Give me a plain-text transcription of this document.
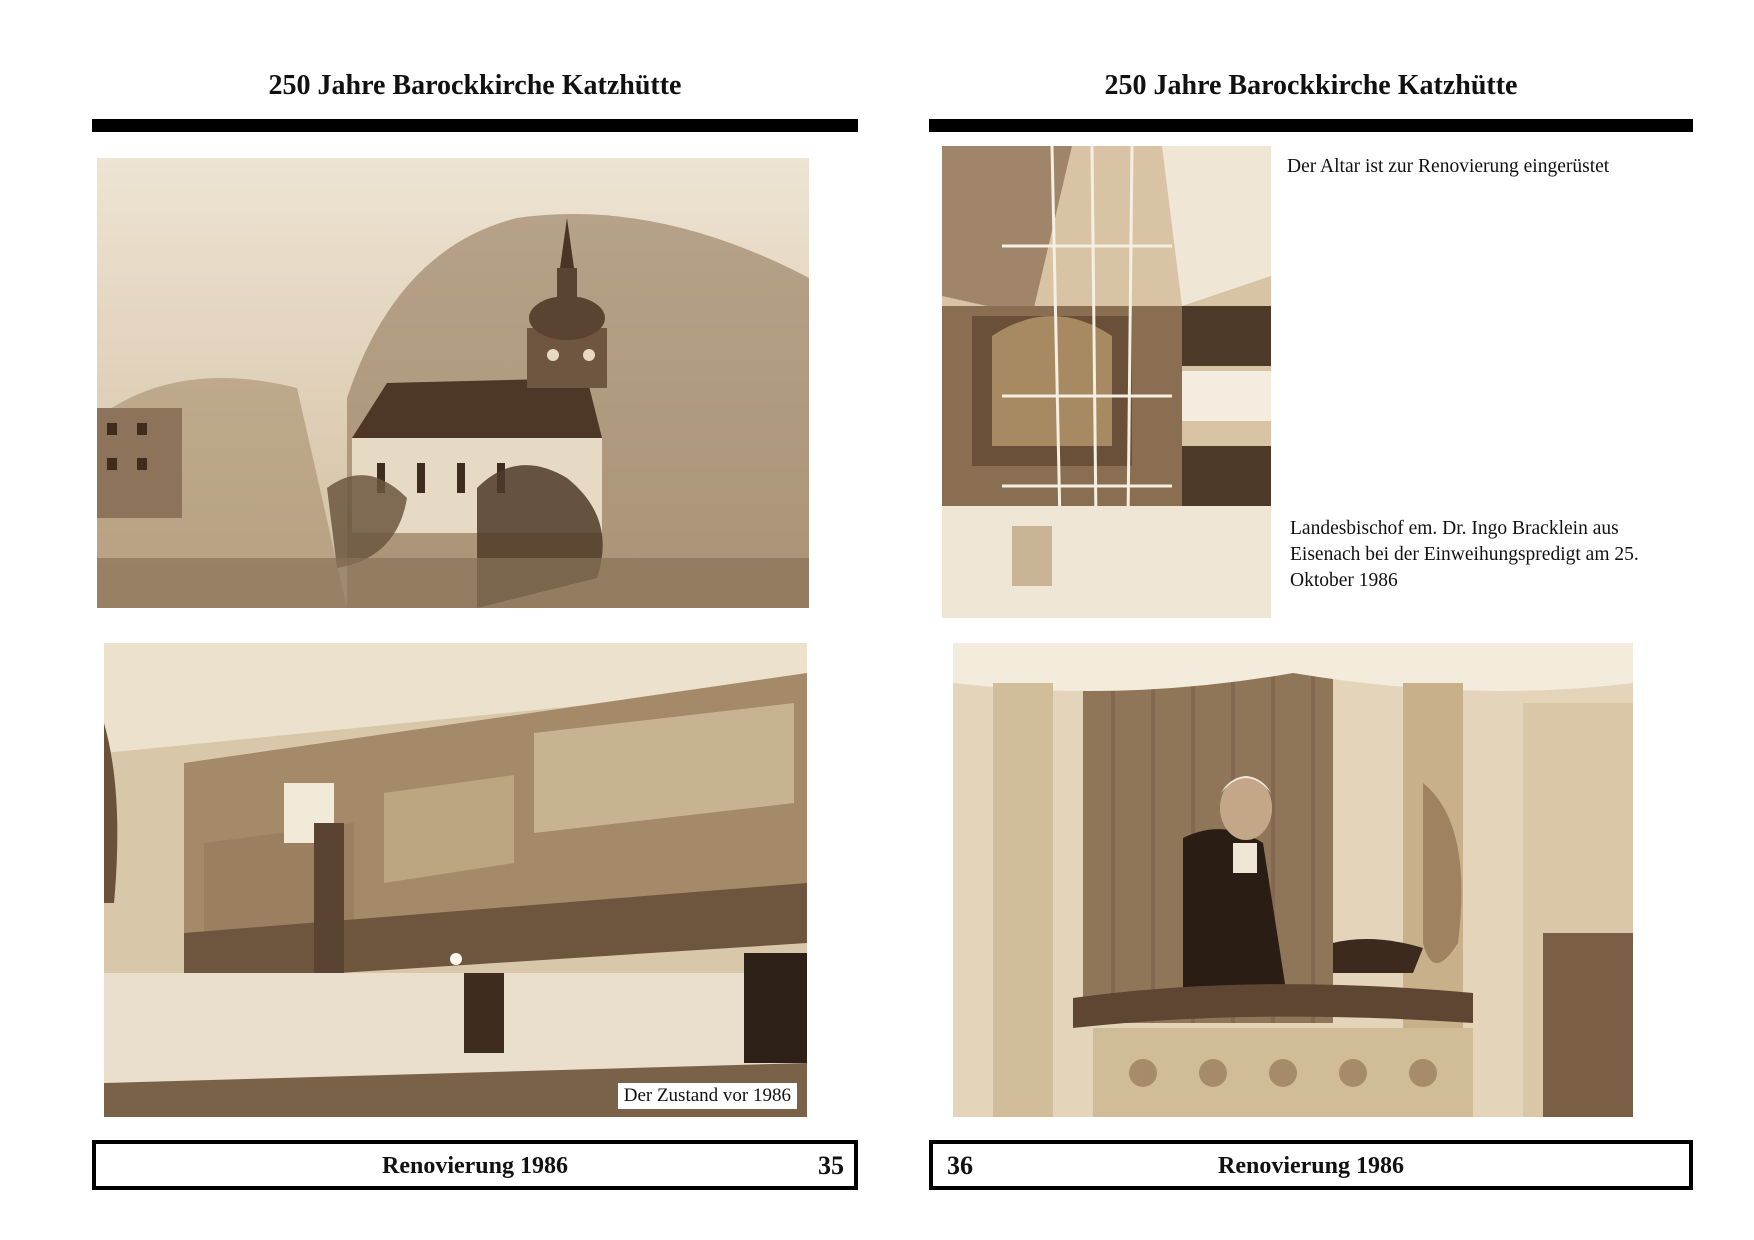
250 Jahre Barockkirche Katzhütte
Der Zustand vor 1986
Renovierung 1986	35
250 Jahre Barockkirche Katzhütte
Der Altar ist zur Renovierung eingerüstet
Landesbischof em. Dr. Ingo Bracklein aus Eisenach bei der Einweihungspredigt am 25. Oktober 1986
Renovierung 1986
36
